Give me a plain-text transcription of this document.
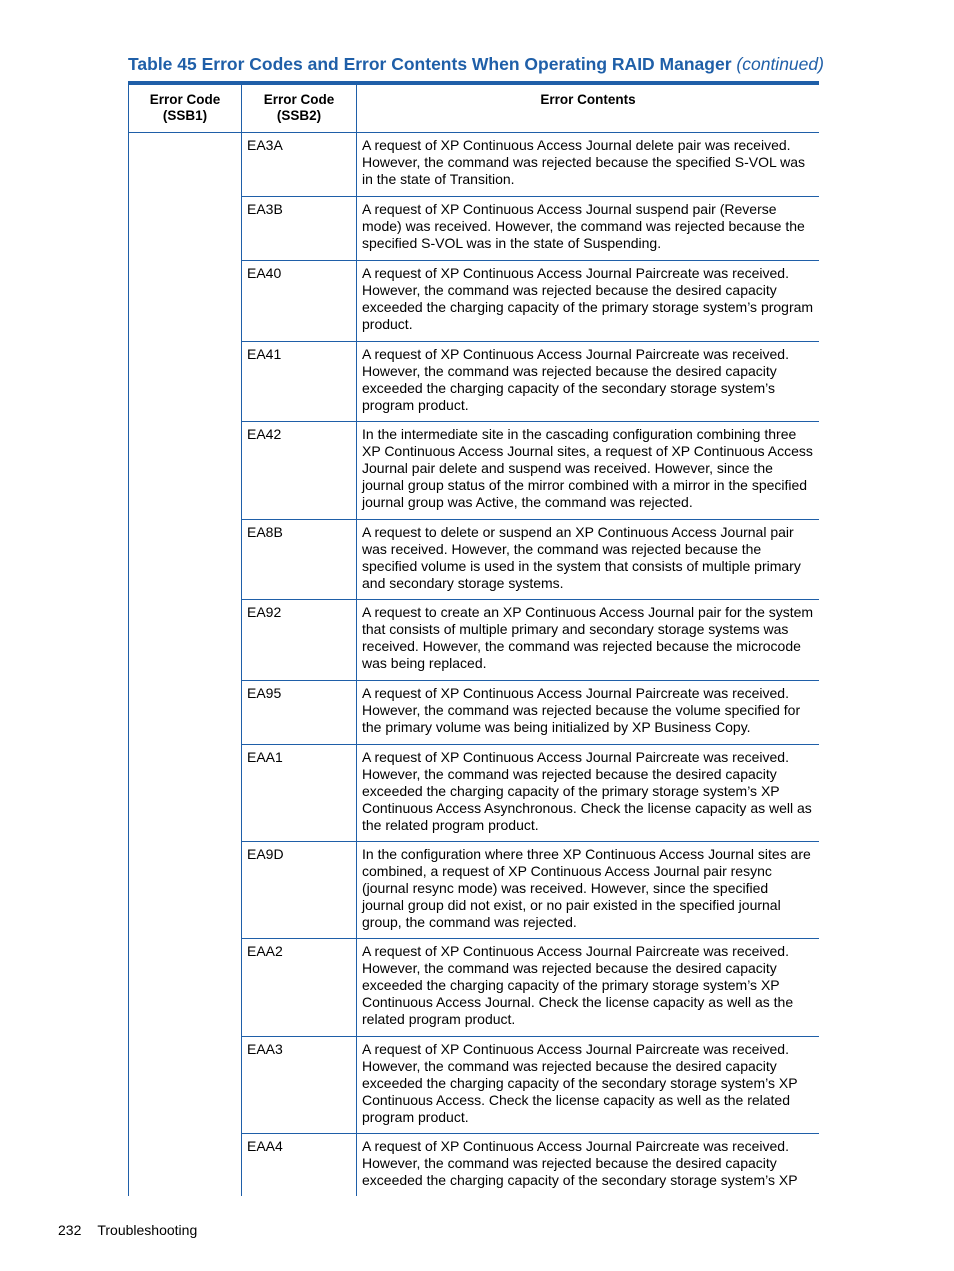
Table 45 Error Codes and Error Contents When Operating RAID Manager (continued)
Error Code (SSB1)	Error Code (SSB2)	Error Contents
	EA3A	A request of XP Continuous Access Journal delete pair was received. However, the command was rejected because the specified S-VOL was in the state of Transition.
	EA3B	A request of XP Continuous Access Journal suspend pair (Reverse mode) was received. However, the command was rejected because the specified S-VOL was in the state of Suspending.
	EA40	A request of XP Continuous Access Journal Paircreate was received. However, the command was rejected because the desired capacity exceeded the charging capacity of the primary storage system’s program product.
	EA41	A request of XP Continuous Access Journal Paircreate was received. However, the command was rejected because the desired capacity exceeded the charging capacity of the secondary storage system’s program product.
	EA42	In the intermediate site in the cascading configuration combining three XP Continuous Access Journal sites, a request of XP Continuous Access Journal pair delete and suspend was received. However, since the journal group status of the mirror combined with a mirror in the specified journal group was Active, the command was rejected.
	EA8B	A request to delete or suspend an XP Continuous Access Journal pair was received. However, the command was rejected because the specified volume is used in the system that consists of multiple primary and secondary storage systems.
	EA92	A request to create an XP Continuous Access Journal pair for the system that consists of multiple primary and secondary storage systems was received. However, the command was rejected because the microcode was being replaced.
	EA95	A request of XP Continuous Access Journal Paircreate was received. However, the command was rejected because the volume specified for the primary volume was being initialized by XP Business Copy.
	EAA1	A request of XP Continuous Access Journal Paircreate was received. However, the command was rejected because the desired capacity exceeded the charging capacity of the primary storage system’s XP Continuous Access Asynchronous. Check the license capacity as well as the related program product.
	EA9D	In the configuration where three XP Continuous Access Journal sites are combined, a request of XP Continuous Access Journal pair resync (journal resync mode) was received. However, since the specified journal group did not exist, or no pair existed in the specified journal group, the command was rejected.
	EAA2	A request of XP Continuous Access Journal Paircreate was received. However, the command was rejected because the desired capacity exceeded the charging capacity of the primary storage system’s XP Continuous Access Journal. Check the license capacity as well as the related program product.
	EAA3	A request of XP Continuous Access Journal Paircreate was received. However, the command was rejected because the desired capacity exceeded the charging capacity of the secondary storage system’s XP Continuous Access. Check the license capacity as well as the related program product.
	EAA4	A request of XP Continuous Access Journal Paircreate was received. However, the command was rejected because the desired capacity exceeded the charging capacity of the secondary storage system’s XP
232 Troubleshooting
